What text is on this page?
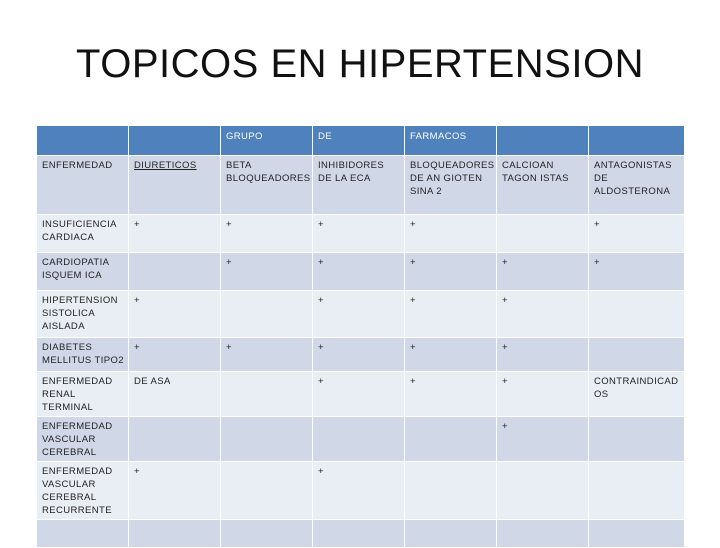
TOPICOS EN HIPERTENSION
		GRUPO	DE	FARMACOS		
ENFERMEDAD	DIURETICOS	BETA BLOQUEADORES	INHIBIDORES DE LA ECA	BLOQUEADORES DE AN GIOTEN SINA 2	CALCIOAN TAGON ISTAS	ANTAGONISTAS DE ALDOSTERONA
INSUFICIENCIA CARDIACA	+	+	+	+		+
CARDIOPATIA ISQUEM ICA		+	+	+	+	+
HIPERTENSION SISTOLICA AISLADA	+		+	+	+	
DIABETES MELLITUS TIPO2	+	+	+	+	+	
ENFERMEDAD RENAL TERMINAL	DE ASA		+	+	+	CONTRAINDICAD OS
ENFERMEDAD VASCULAR CEREBRAL					+	
ENFERMEDAD VASCULAR CEREBRAL RECURRENTE	+		+			
